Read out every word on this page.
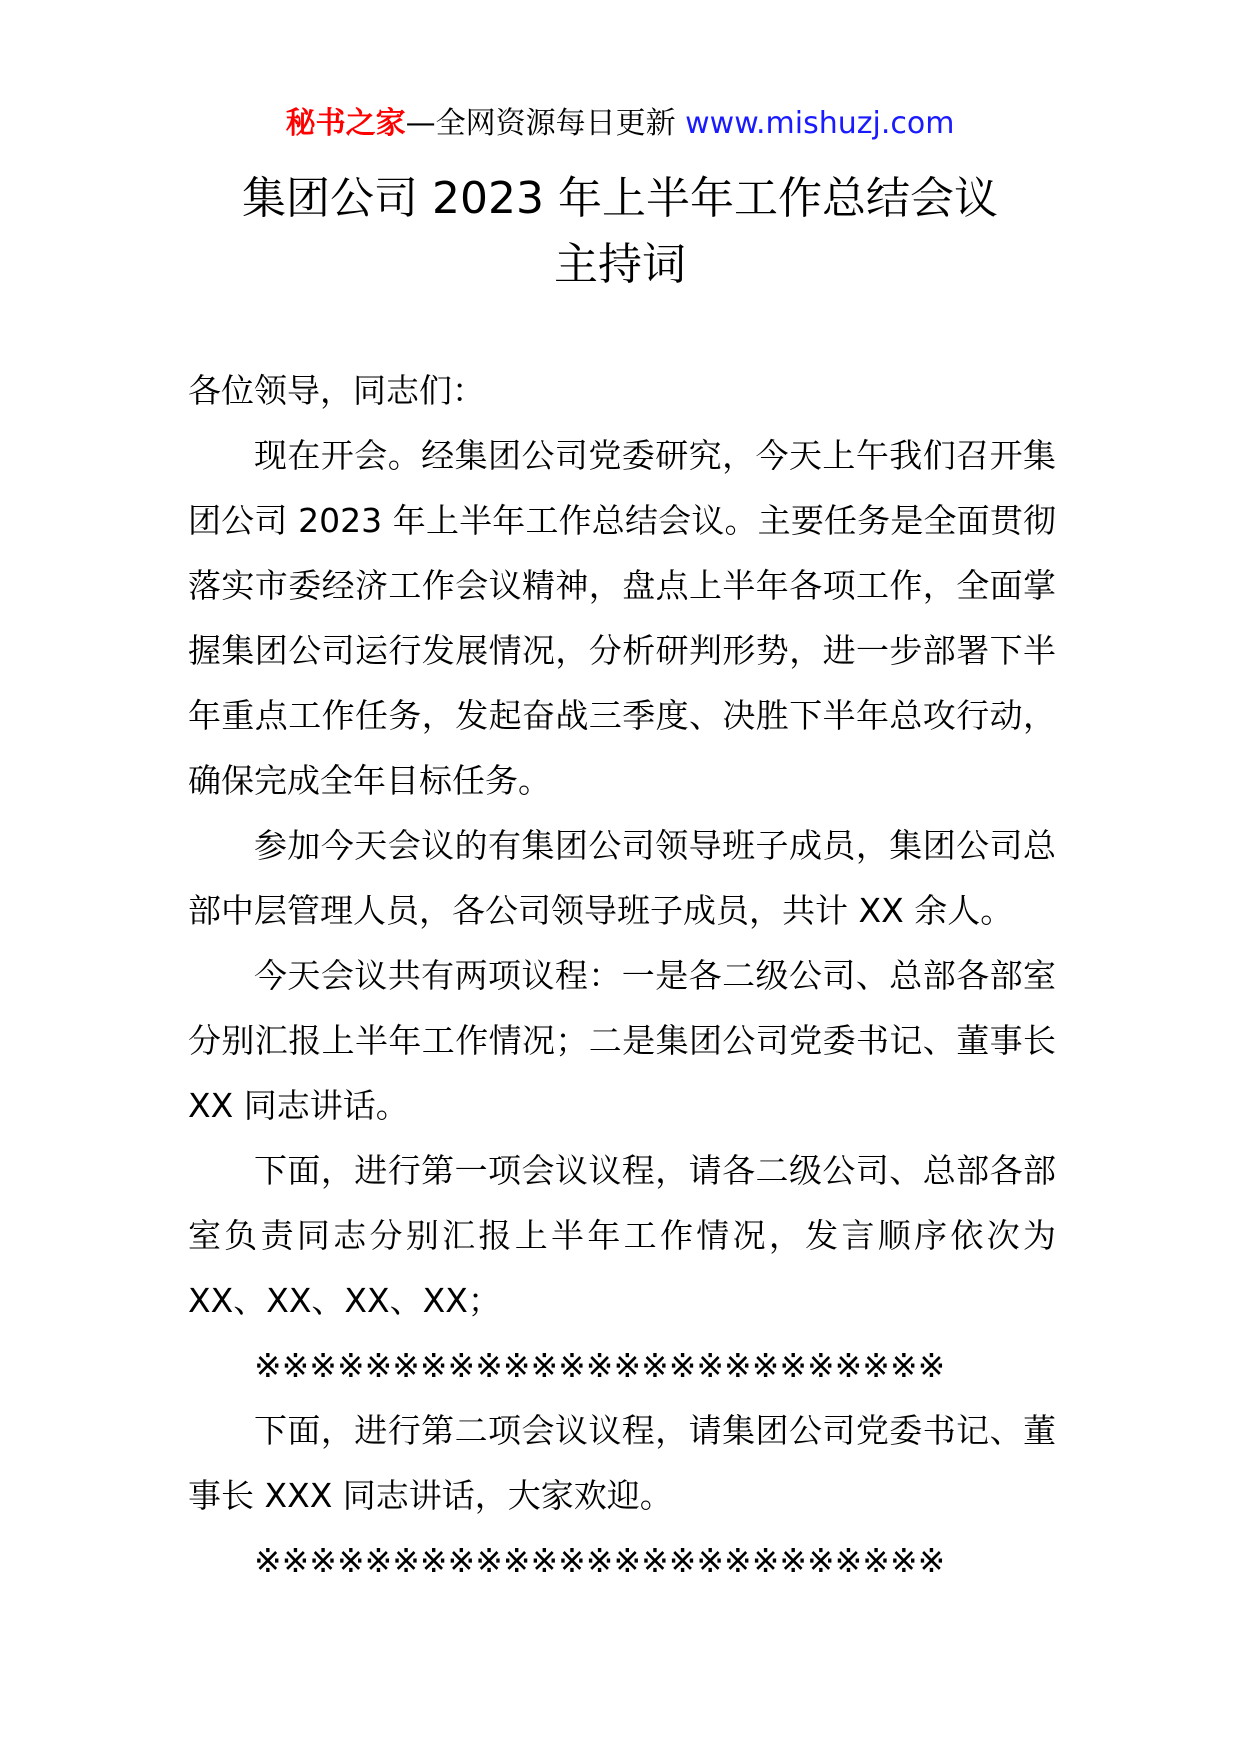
秘书之家—全网资源每日更新 www.mishuzj.com
集团公司 2023 年上半年工作总结会议
主持词

各位领导，同志们：

现在开会。经集团公司党委研究，今天上午我们召开集团公司 2023 年上半年工作总结会议。主要任务是全面贯彻落实市委经济工作会议精神，盘点上半年各项工作，全面掌握集团公司运行发展情况，分析研判形势，进一步部署下半年重点工作任务，发起奋战三季度、决胜下半年总攻行动，确保完成全年目标任务。

参加今天会议的有集团公司领导班子成员，集团公司总部中层管理人员，各公司领导班子成员，共计 XX 余人。

今天会议共有两项议程：一是各二级公司、总部各部室分别汇报上半年工作情况；二是集团公司党委书记、董事长 XX 同志讲话。

下面，进行第一项会议议程，请各二级公司、总部各部室负责同志分别汇报上半年工作情况，发言顺序依次为 XX、XX、XX、XX；

※※※※※※※※※※※※※※※※※※※※※※※※※

下面，进行第二项会议议程，请集团公司党委书记、董事长 XXX 同志讲话，大家欢迎。

※※※※※※※※※※※※※※※※※※※※※※※※※
